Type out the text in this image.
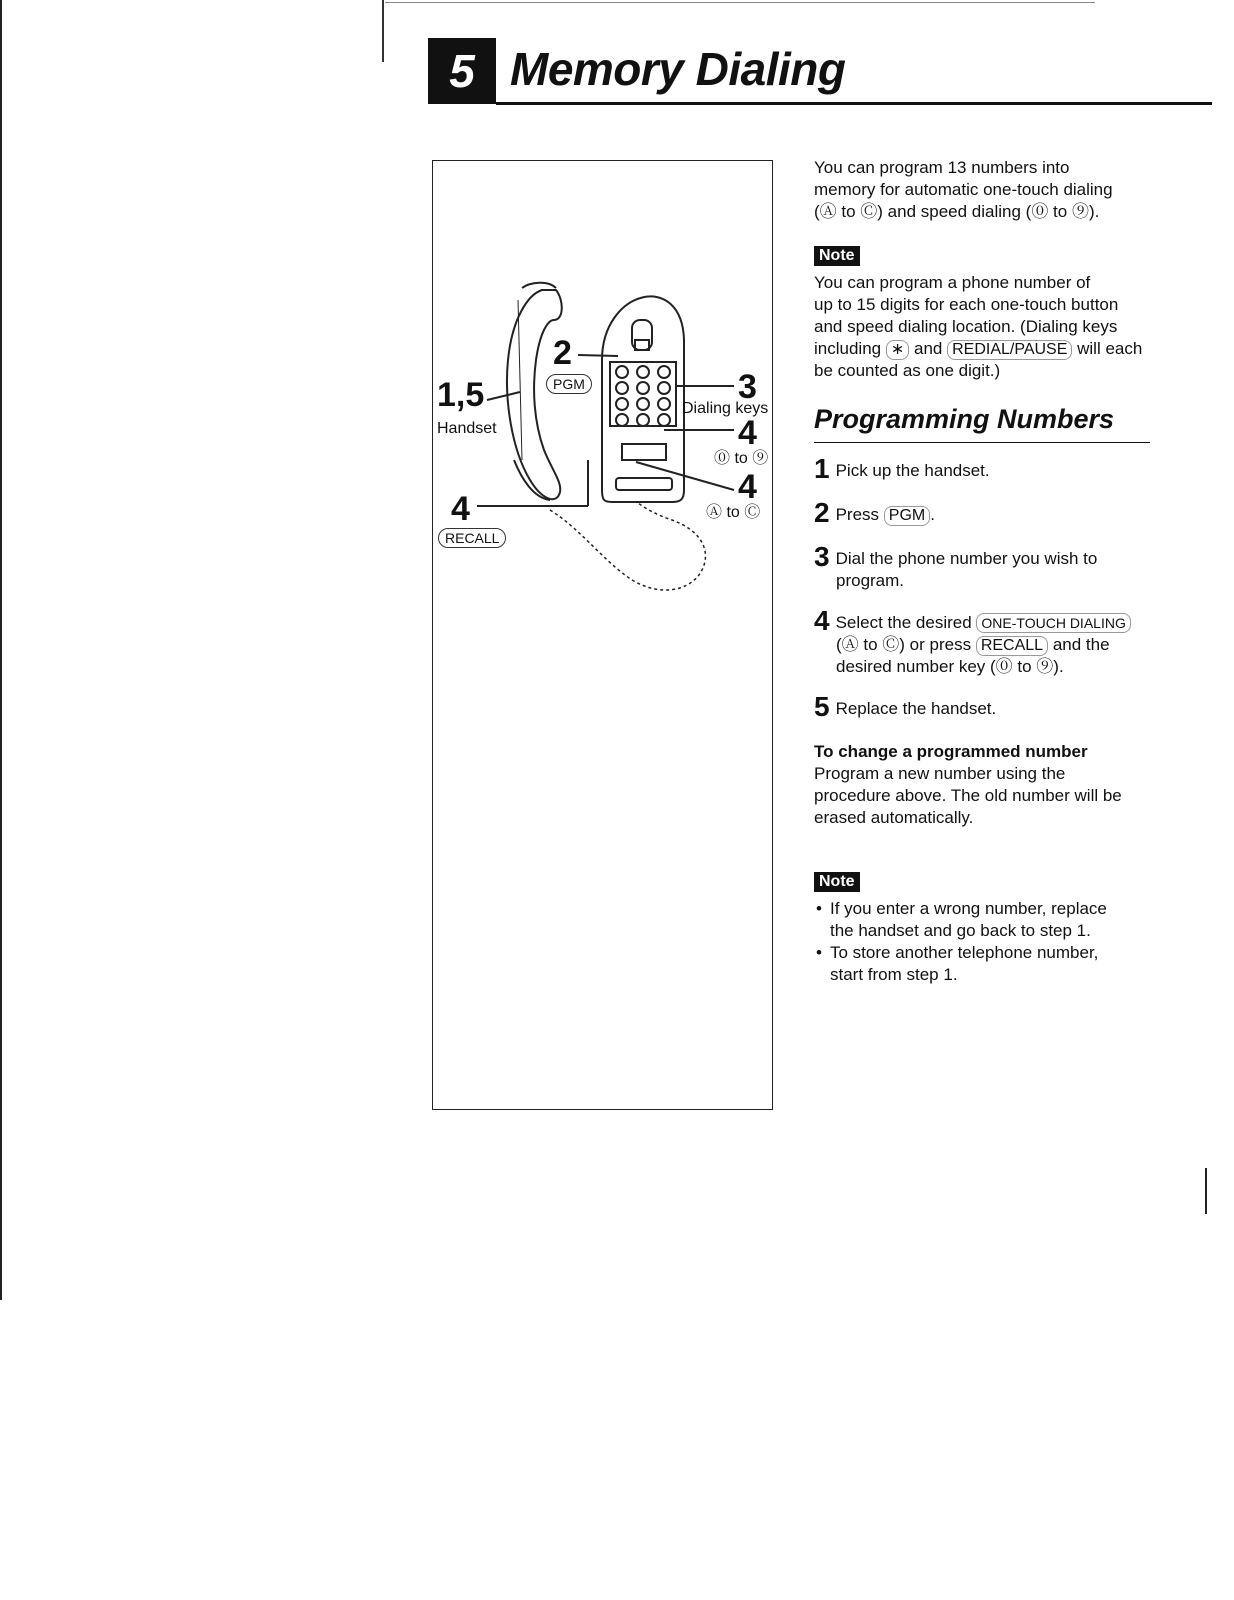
5 Memory Dialing
1,5
Handset
2
PGM	3
Dialing keys
4
⓪ to ⑨
4
Ⓐ to Ⓒ
4
RECALL
You can program 13 numbers into
memory for automatic one-touch dialing
(Ⓐ to Ⓒ) and speed dialing (⓪ to ⑨).
Note
You can program a phone number of
up to 15 digits for each one-touch button
and speed dialing location. (Dialing keys
including ∗ and REDIAL/PAUSE will each
be counted as one digit.)
Programming Numbers
1 Pick up the handset.
2 Press PGM .
3 Dial the phone number you wish to
program.
4 Select the desired ONE-TOUCH DIALING
(Ⓐ to Ⓒ) or press RECALL and the
desired number key (⓪ to ⑨).
5 Replace the handset.
To change a programmed number
Program a new number using the
procedure above. The old number will be
erased automatically.
Note
• If you enter a wrong number, replace
the handset and go back to step 1.
• To store another telephone number,
start from step 1.
